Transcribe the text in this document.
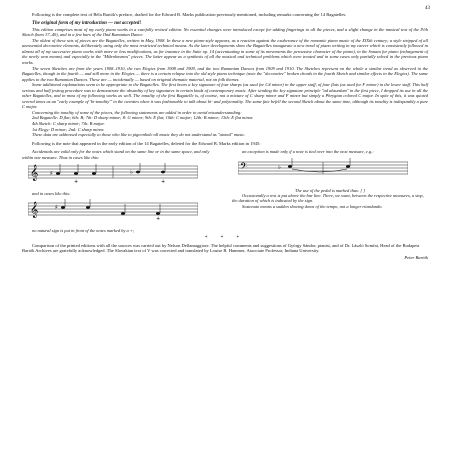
43

Following is the complete text of Béla Bartók's preface, drafted for the Edward B. Marks publication previously mentioned, including remarks concerning the 14 Bagatelles:

The original form of my introduction — not accepted!

This edition comprises most of my early piano works in a carefully revised edition. No essential changes were introduced except for adding fingerings to all the pieces, and a slight change in the musical text of the IVth Sketch (bars 37–40), and in a few bars of the IInd Rumanian Dance.

The oldest of these sets of pieces are the Bagatelles, written in May, 1908. In these a new piano-style appears, as a reaction against the exuberance of the romantic piano music of the XIXth century; a style stripped of all unessential decorative elements, deliberately using only the most restricted technical means. As the later developments show the Bagatelles inaugurate a new trend of piano writing in my career which is consistently followed in almost all of my successive piano works with more or less modifications, as for instance in the Suite op. 14 (accentuating in some of its movements the percussive character of the piano), in the Sonata for piano (enlargement of the newly won means) and especially in the "Mikrokosmos" pieces. The latter appear as a synthesis of all the musical and technical problems which were treated and in some cases only partially solved in the previous piano works.

The seven Sketches are from the years 1908–1910, the two Elegies from 1908 and 1909, and the two Rumanian Dances from 1909 and 1910. The Sketches represent on the whole a similar trend as observed in the Bagatelles, though in the fourth — and still more in the Elegies — there is a certain relapse into the old style piano technique (note the "decorative" broken chords in the fourth Sketch and similar effects in the Elegies). The same applies to the two Rumanian Dances. These are — incidentally — based on original thematic material, not on folk themes.

Some additional explanations seem to be appropriate to the Bagatelles. The first bears a key signature of four sharps (as used for C# minor) in the upper staff, of four flats (as used for F minor) in the lower staff. This half serious and half jesting procedure was to demonstrate the absurdity of key signatures in certain kinds of contemporary music. After sending the key signature principle "ad absurdum" in the first piece, I dropped its use in all the other Bagatelles, and in most of my following works as well. The tonality of the first Bagatelle is, of course, not a mixture of C sharp minor and F minor but simply a Phrygian colored C major. In spite of this, it was quoted several times as an "early example of 'bi-tonality'" in the twenties when it was fashionable to talk about bi- and polytonality. The same fate befell the second Sketch about the same time, although its tonality is indisputably a pure C major.

Concerning the tonality of some of the pieces, the following statements are added in order to avoid misunderstanding:

2nd Bagatelle: D flat; 6th: B; 7th: D sharp minor; 8: G minor; 9th: E flat; 10th: C major; 12th: B minor; 13th: E flat minor.

4th Sketch: C sharp minor; 7th: B major.

1st Elegy: D minor; 2nd: C sharp minor.

These data are addressed especially to those who like to pigeonhole all music they do not understand as "atonal" music.

Following is the note that appeared in the early edition of the 14 Bagatelles, deleted for the Edward B. Marks edition in 1945:

Accidentals are valid only for the notes which stand on the same line or in the same space, and only within one measure. Thus in cases like this:

𝄞 ♯	♭
+	+

and in cases like this:

𝄞	♯
+

no natural sign is put in front of the notes marked by a +;

an exception is made only if a note is tied over into the next measure, e.g.:

𝄢	♭

The use of the pedal is marked thus: [ ]

Occasionally a rest is put above the bar line. There, we want, between the respective measures, a stop, the duration of which is indicated by the sign.

Sostenuto means a sudden slowing down of the tempo, not a longer ritardando.

* * *

Comparison of the printed editions with all the sources was carried out by Nelson Dellamaggiore. The helpful comments and suggestions of György Sándor, pianist, and of Dr. László Somfai, Head of the Budapest Bartók Archives are gratefully acknowledged. The Slovakian text of V was corrected and translated by Louise B. Hammer, Associate Professor, Indiana University.

Peter Bartók
